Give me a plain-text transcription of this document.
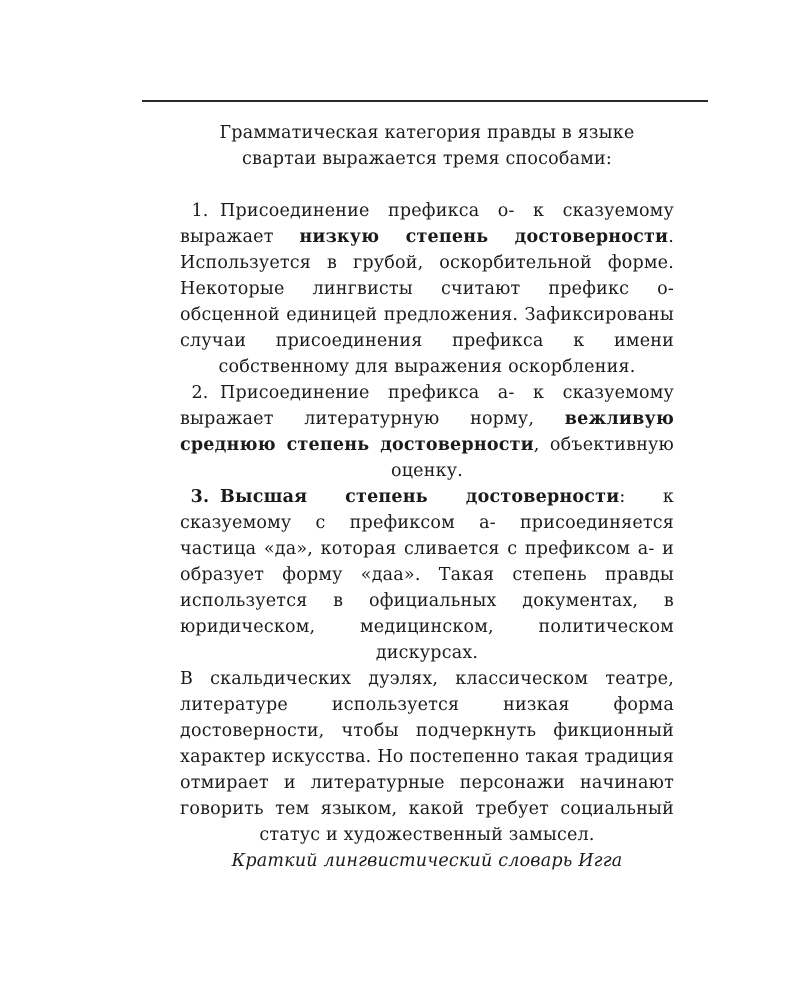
Грамматическая категория правды в языке свартаи выражается тремя способами:

1. Присоединение префикса о- к сказуемому выражает низкую степень достоверности. Используется в грубой, оскорбительной форме. Некоторые лингвисты считают префикс о- обсценной единицей предложения. Зафиксированы случаи присоединения префикса к имени собственному для выражения оскорбления.

2. Присоединение префикса а- к сказуемому выражает литературную норму, вежливую среднюю степень достоверности, объективную оценку.

3. Высшая степень достоверности: к сказуемому с префиксом а- присоединяется частица «да», которая сливается с префиксом а- и образует форму «даа». Такая степень правды используется в официальных документах, в юридическом, медицинском, политическом дискурсах.

В скальдических дуэлях, классическом театре, литературе используется низкая форма достоверности, чтобы подчеркнуть фикционный характер искусства. Но постепенно такая традиция отмирает и литературные персонажи начинают говорить тем языком, какой требует социальный статус и художественный замысел.

Краткий лингвистический словарь Игга
